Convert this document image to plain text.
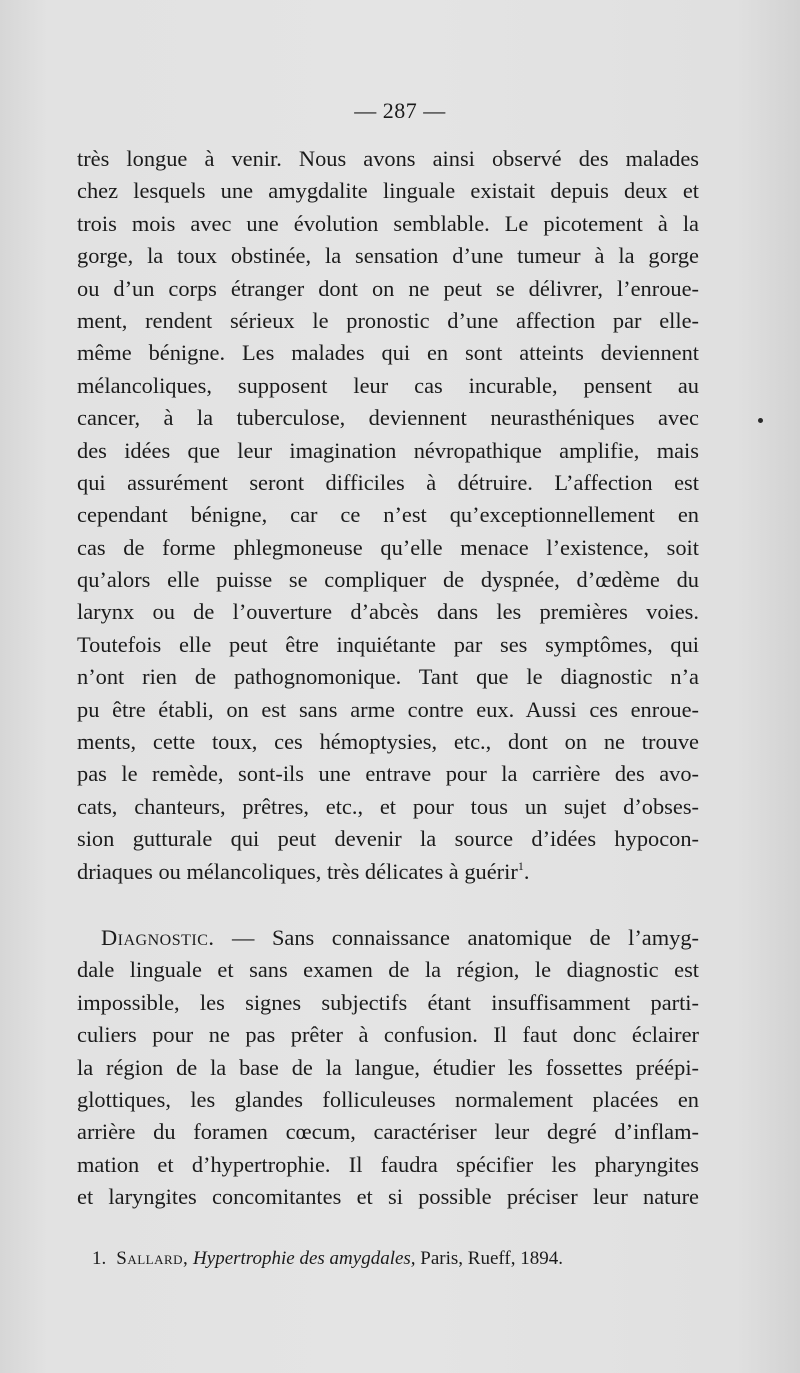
— 287 —
très longue à venir. Nous avons ainsi observé des malades
chez lesquels une amygdalite linguale existait depuis deux et
trois mois avec une évolution semblable. Le picotement à la
gorge, la toux obstinée, la sensation d’une tumeur à la gorge
ou d’un corps étranger dont on ne peut se délivrer, l’enroue-
ment, rendent sérieux le pronostic d’une affection par elle-
même bénigne. Les malades qui en sont atteints deviennent
mélancoliques, supposent leur cas incurable, pensent au
cancer, à la tuberculose, deviennent neurasthéniques avec
des idées que leur imagination névropathique amplifie, mais
qui assurément seront difficiles à détruire. L’affection est
cependant bénigne, car ce n’est qu’exceptionnellement en
cas de forme phlegmoneuse qu’elle menace l’existence, soit
qu’alors elle puisse se compliquer de dyspnée, d’œdème du
larynx ou de l’ouverture d’abcès dans les premières voies.
Toutefois elle peut être inquiétante par ses symptômes, qui
n’ont rien de pathognomonique. Tant que le diagnostic n’a
pu être établi, on est sans arme contre eux. Aussi ces enroue-
ments, cette toux, ces hémoptysies, etc., dont on ne trouve
pas le remède, sont-ils une entrave pour la carrière des avo-
cats, chanteurs, prêtres, etc., et pour tous un sujet d’obses-
sion gutturale qui peut devenir la source d’idées hypocon-
driaques ou mélancoliques, très délicates à guérir$^1$.
Diagnostic. — Sans connaissance anatomique de l’amyg-
dale linguale et sans examen de la région, le diagnostic est
impossible, les signes subjectifs étant insuffisamment parti-
culiers pour ne pas prêter à confusion. Il faut donc éclairer
la région de la base de la langue, étudier les fossettes préépi-
glottiques, les glandes folliculeuses normalement placées en
arrière du foramen cœcum, caractériser leur degré d’inflam-
mation et d’hypertrophie. Il faudra spécifier les pharyngites
et laryngites concomitantes et si possible préciser leur nature
1. Sallard, Hypertrophie des amygdales, Paris, Rueff, 1894.
